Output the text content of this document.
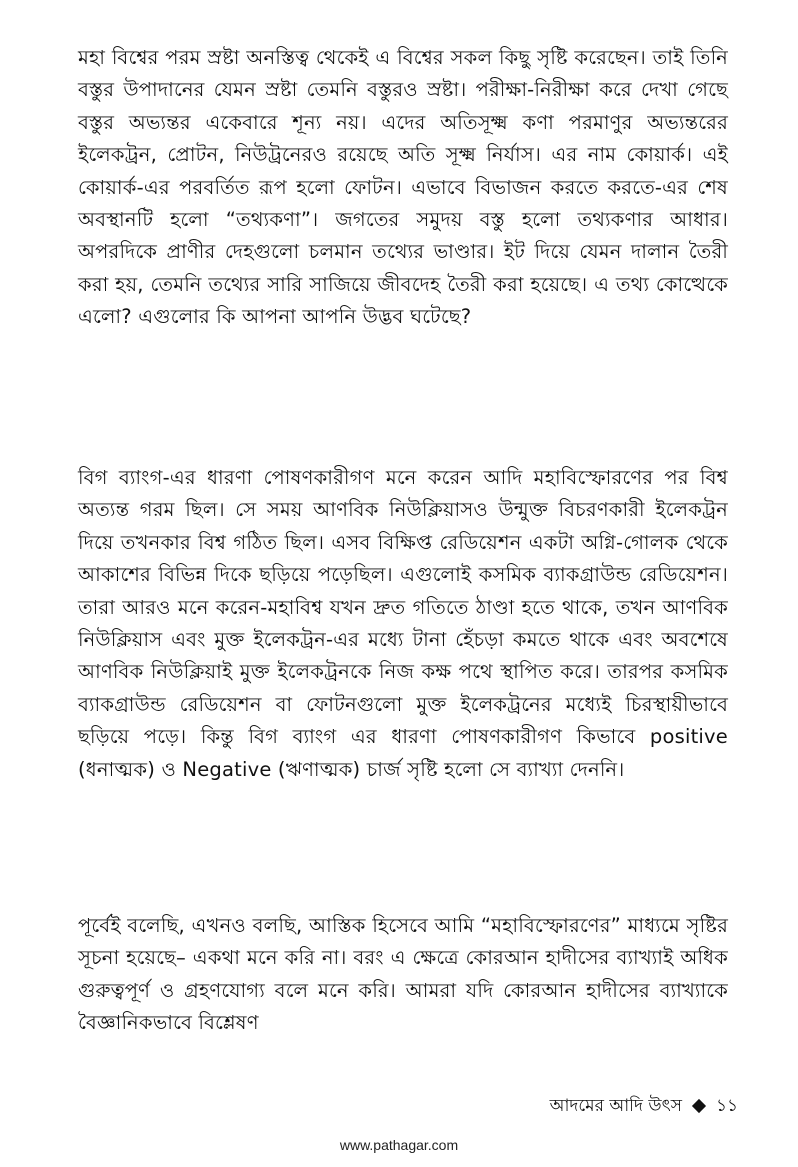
মহা বিশ্বের পরম স্রষ্টা অনস্তিত্ব থেকেই এ বিশ্বের সকল কিছু সৃষ্টি করেছেন। তাই তিনি বস্তুর উপাদানের যেমন স্রষ্টা তেমনি বস্তুরও স্রষ্টা। পরীক্ষা-নিরীক্ষা করে দেখা গেছে বস্তুর অভ্যন্তর একেবারে শূন্য নয়। এদের অতিসূক্ষ্ম কণা পরমাণুর অভ্যন্তরের ইলেকট্রন, প্রোটন, নিউট্রনেরও রয়েছে অতি সূক্ষ্ম নির্যাস। এর নাম কোয়ার্ক। এই কোয়ার্ক-এর পরবর্তিত রূপ হলো ফোটন। এভাবে বিভাজন করতে করতে-এর শেষ অবস্থানটি হলো “তথ্যকণা”। জগতের সমুদয় বস্তু হলো তথ্যকণার আধার। অপরদিকে প্রাণীর দেহগুলো চলমান তথ্যের ভাণ্ডার। ইট দিয়ে যেমন দালান তৈরী করা হয়, তেমনি তথ্যের সারি সাজিয়ে জীবদেহ তৈরী করা হয়েছে। এ তথ্য কোত্থেকে এলো? এগুলোর কি আপনা আপনি উদ্ভব ঘটেছে?

বিগ ব্যাংগ-এর ধারণা পোষণকারীগণ মনে করেন আদি মহাবিস্ফোরণের পর বিশ্ব অত্যন্ত গরম ছিল। সে সময় আণবিক নিউক্লিয়াসও উন্মুক্ত বিচরণকারী ইলেকট্রন দিয়ে তখনকার বিশ্ব গঠিত ছিল। এসব বিক্ষিপ্ত রেডিয়েশন একটা অগ্নি-গোলক থেকে আকাশের বিভিন্ন দিকে ছড়িয়ে পড়েছিল। এগুলোই কসমিক ব্যাকগ্রাউন্ড রেডিয়েশন। তারা আরও মনে করেন-মহাবিশ্ব যখন দ্রুত গতিতে ঠাণ্ডা হতে থাকে, তখন আণবিক নিউক্লিয়াস এবং মুক্ত ইলেকট্রন-এর মধ্যে টানা হেঁচড়া কমতে থাকে এবং অবশেষে আণবিক নিউক্লিয়াই মুক্ত ইলেকট্রনকে নিজ কক্ষ পথে স্থাপিত করে। তারপর কসমিক ব্যাকগ্রাউন্ড রেডিয়েশন বা ফোটনগুলো মুক্ত ইলেকট্রনের মধ্যেই চিরস্থায়ীভাবে ছড়িয়ে পড়ে। কিন্তু বিগ ব্যাংগ এর ধারণা পোষণকারীগণ কিভাবে positive (ধনাত্মক) ও Negative (ঋণাত্মক) চার্জ সৃষ্টি হলো সে ব্যাখ্যা দেননি।

পূর্বেই বলেছি, এখনও বলছি, আস্তিক হিসেবে আমি “মহাবিস্ফোরণের” মাধ্যমে সৃষ্টির সূচনা হয়েছে– একথা মনে করি না। বরং এ ক্ষেত্রে কোরআন হাদীসের ব্যাখ্যাই অধিক গুরুত্বপূর্ণ ও গ্রহণযোগ্য বলে মনে করি। আমরা যদি কোরআন হাদীসের ব্যাখ্যাকে বৈজ্ঞানিকভাবে বিশ্লেষণ

আদমের আদি উৎস ১১
www.pathagar.com
